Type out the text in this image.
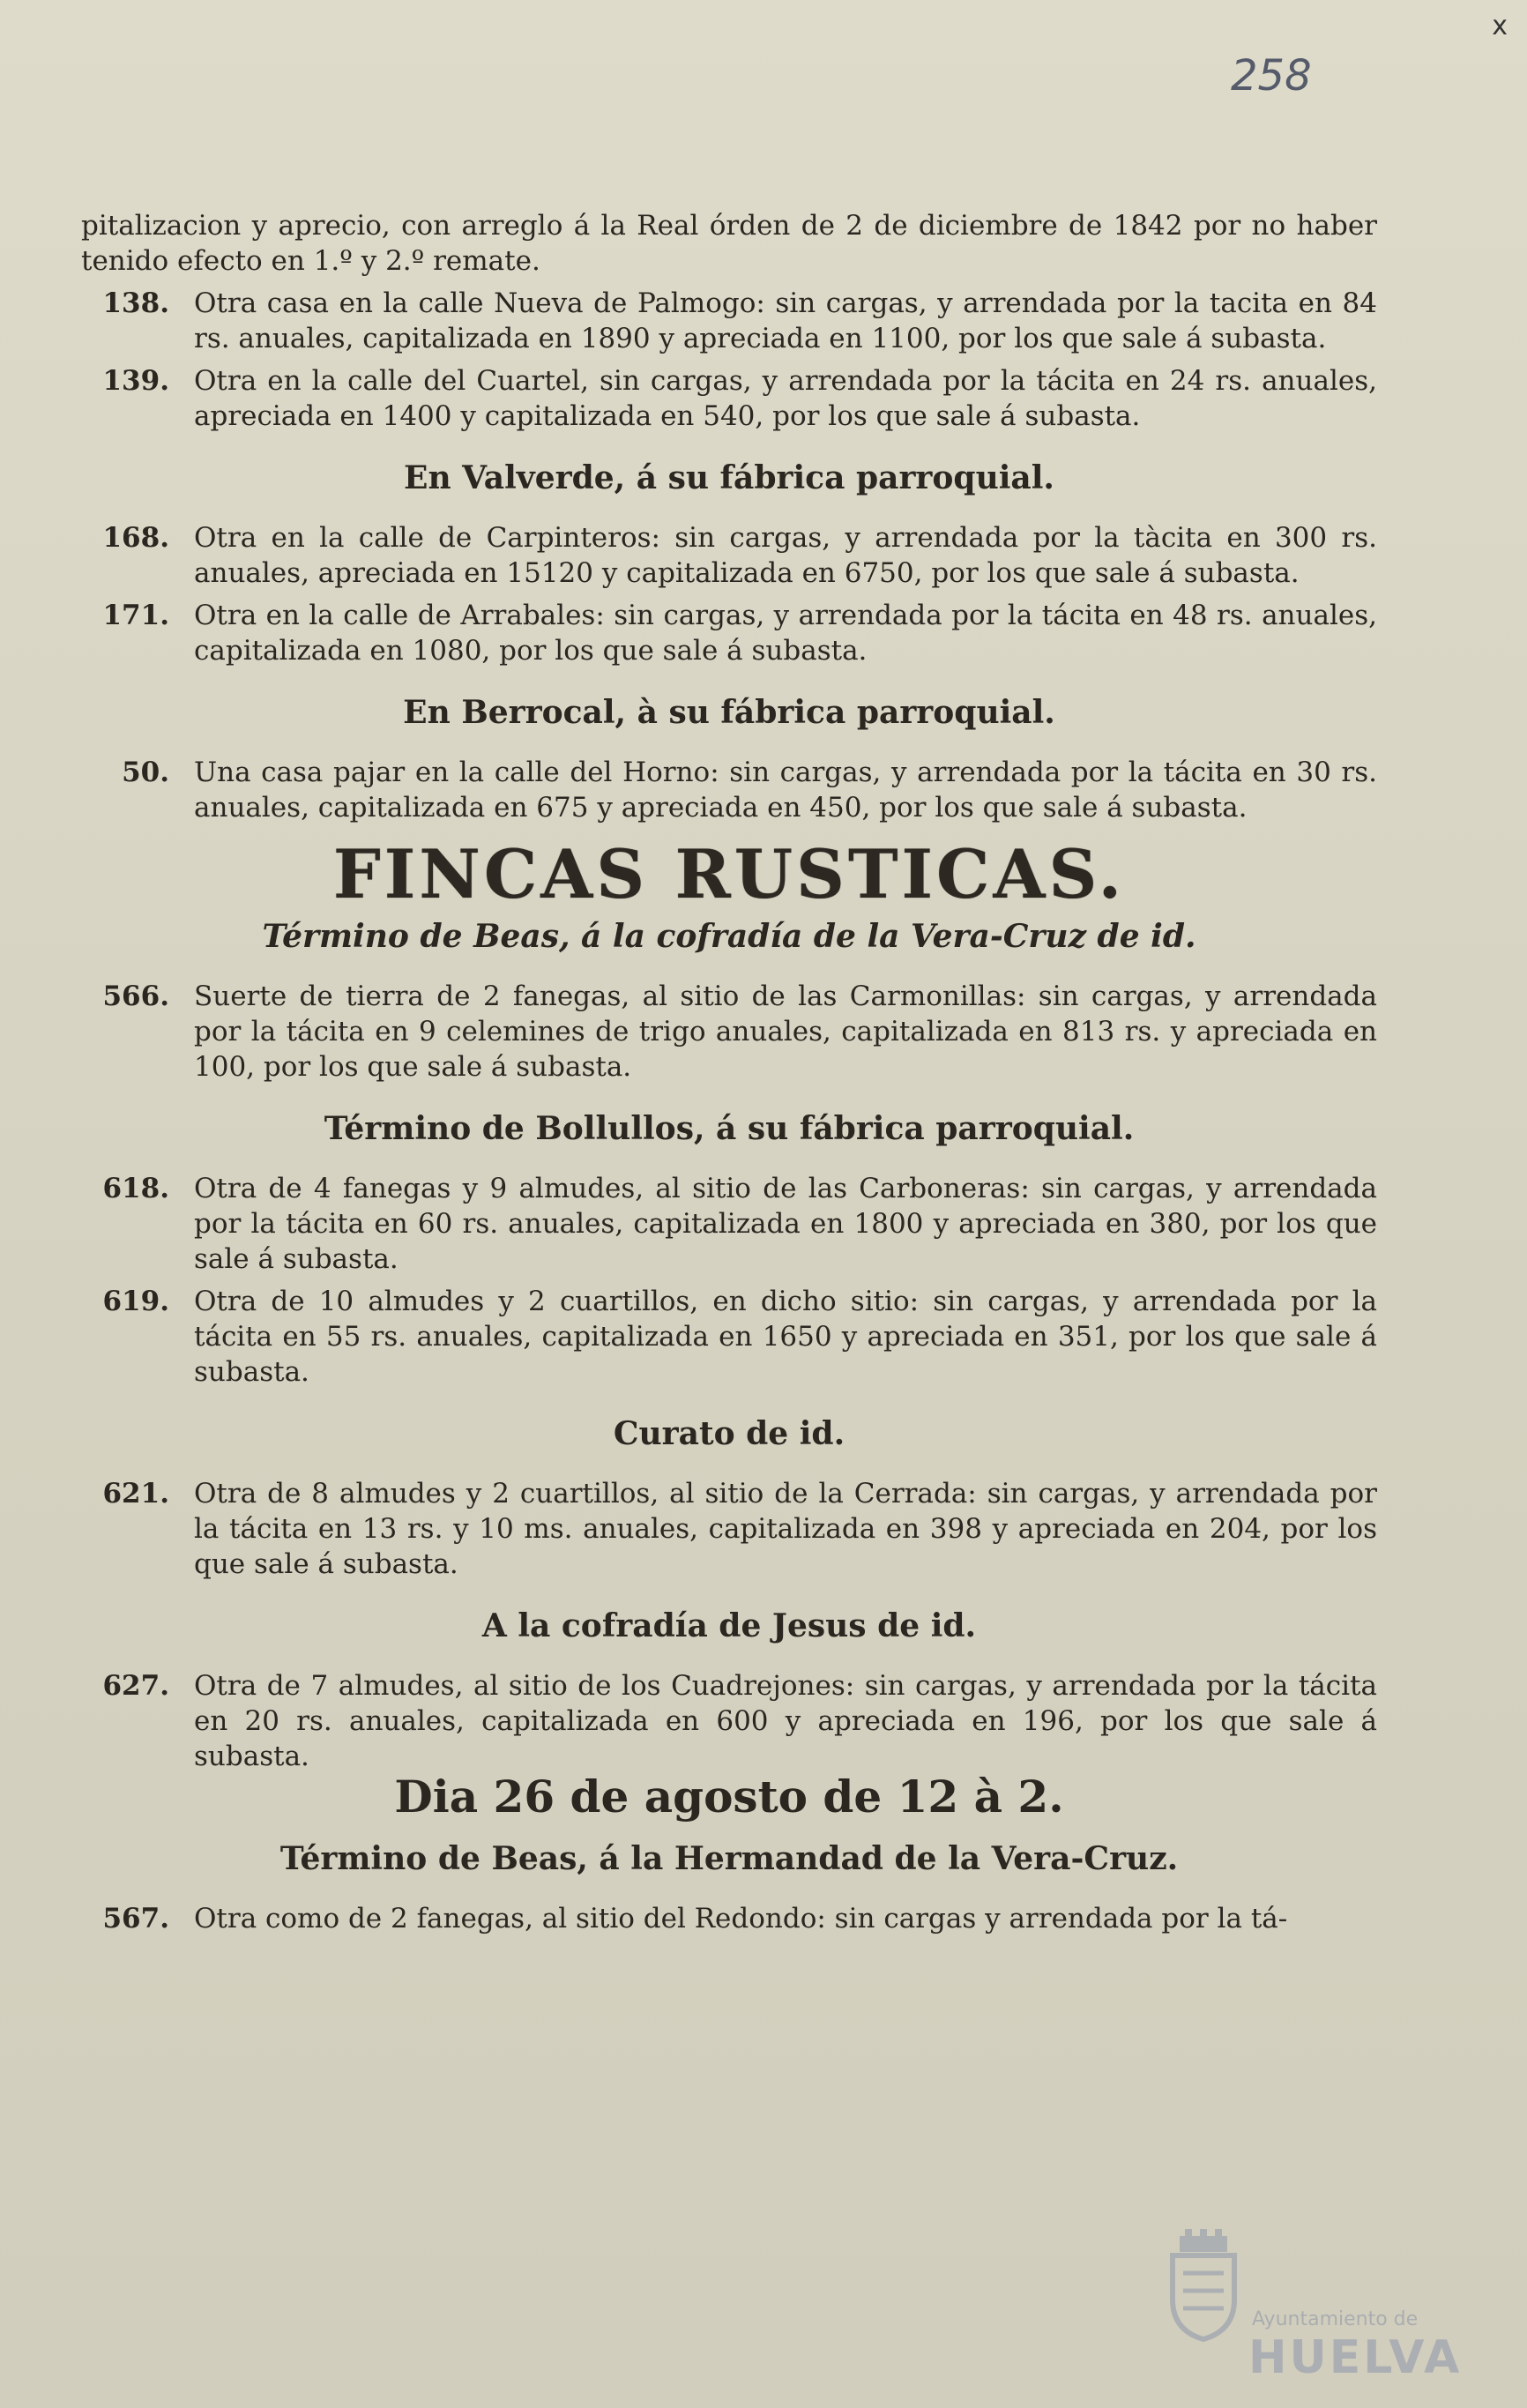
x
258
pitalizacion y aprecio, con arreglo á la Real órden de 2 de diciembre de 1842 por no haber tenido efecto en 1.º y 2.º remate.
138. Otra casa en la calle Nueva de Palmogo: sin cargas, y arrendada por la tacita en 84 rs. anuales, capitalizada en 1890 y apreciada en 1100, por los que sale á subasta.
139. Otra en la calle del Cuartel, sin cargas, y arrendada por la tácita en 24 rs. anuales, apreciada en 1400 y capitalizada en 540, por los que sale á subasta.
En Valverde, á su fábrica parroquial.
168. Otra en la calle de Carpinteros: sin cargas, y arrendada por la tàcita en 300 rs. anuales, apreciada en 15120 y capitalizada en 6750, por los que sale á subasta.
171. Otra en la calle de Arrabales: sin cargas, y arrendada por la tácita en 48 rs. anuales, capitalizada en 1080, por los que sale á subasta.
En Berrocal, à su fábrica parroquial.
50. Una casa pajar en la calle del Horno: sin cargas, y arrendada por la tácita en 30 rs. anuales, capitalizada en 675 y apreciada en 450, por los que sale á subasta.
FINCAS RUSTICAS.
Término de Beas, á la cofradía de la Vera-Cruz de id.
566. Suerte de tierra de 2 fanegas, al sitio de las Carmonillas: sin cargas, y arrendada por la tácita en 9 celemines de trigo anuales, capitalizada en 813 rs. y apreciada en 100, por los que sale á subasta.
Término de Bollullos, á su fábrica parroquial.
618. Otra de 4 fanegas y 9 almudes, al sitio de las Carboneras: sin cargas, y arrendada por la tácita en 60 rs. anuales, capitalizada en 1800 y apreciada en 380, por los que sale á subasta.
619. Otra de 10 almudes y 2 cuartillos, en dicho sitio: sin cargas, y arrendada por la tácita en 55 rs. anuales, capitalizada en 1650 y apreciada en 351, por los que sale á subasta.
Curato de id.
621. Otra de 8 almudes y 2 cuartillos, al sitio de la Cerrada: sin cargas, y arrendada por la tácita en 13 rs. y 10 ms. anuales, capitalizada en 398 y apreciada en 204, por los que sale á subasta.
A la cofradía de Jesus de id.
627. Otra de 7 almudes, al sitio de los Cuadrejones: sin cargas, y arrendada por la tácita en 20 rs. anuales, capitalizada en 600 y apreciada en 196, por los que sale á subasta.
Dia 26 de agosto de 12 à 2.
Término de Beas, á la Hermandad de la Vera-Cruz.
567. Otra como de 2 fanegas, al sitio del Redondo: sin cargas y arrendada por la tá-
Ayuntamiento de
HUELVA
